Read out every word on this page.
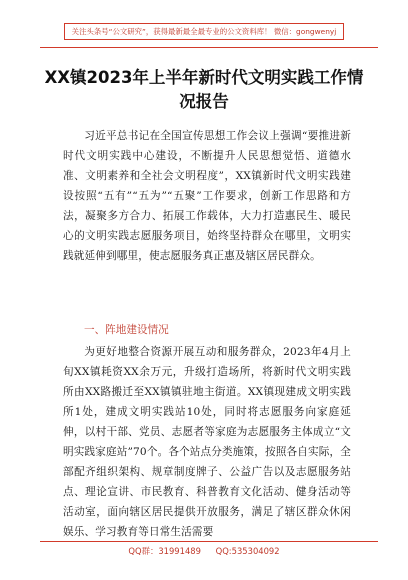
关注头条号“公文研究”，获得最新最全最专业的公文资料库！ 微信：gongwenyj
XX镇2023年上半年新时代文明实践工作情况报告

习近平总书记在全国宣传思想工作会议上强调“要推进新时代文明实践中心建设，不断提升人民思想觉悟、道德水准、文明素养和全社会文明程度”，XX镇新时代文明实践建设按照“五有”“五为”“五聚”工作要求，创新工作思路和方法，凝聚多方合力、拓展工作载体，大力打造惠民生、暖民心的文明实践志愿服务项目，始终坚持群众在哪里，文明实践就延伸到哪里，使志愿服务真正惠及辖区居民群众。

一、阵地建设情况

为更好地整合资源开展互动和服务群众，2023年4月上旬XX镇耗资XX余万元，升级打造场所，将新时代文明实践所由XX路搬迁至XX镇镇驻地主街道。XX镇现建成文明实践所1处，建成文明实践站10处，同时将志愿服务向家庭延伸，以村干部、党员、志愿者等家庭为志愿服务主体成立“文明实践家庭站”70个。各个站点分类施策，按照各自实际，全部配齐组织架构、规章制度牌子、公益广告以及志愿服务站点、理论宣讲、市民教育、科普教育文化活动、健身活动等活动室，面向辖区居民提供开放服务，满足了辖区群众休闲娱乐、学习教育等日常生活需要

QQ群：31991489 QQ:535304092
